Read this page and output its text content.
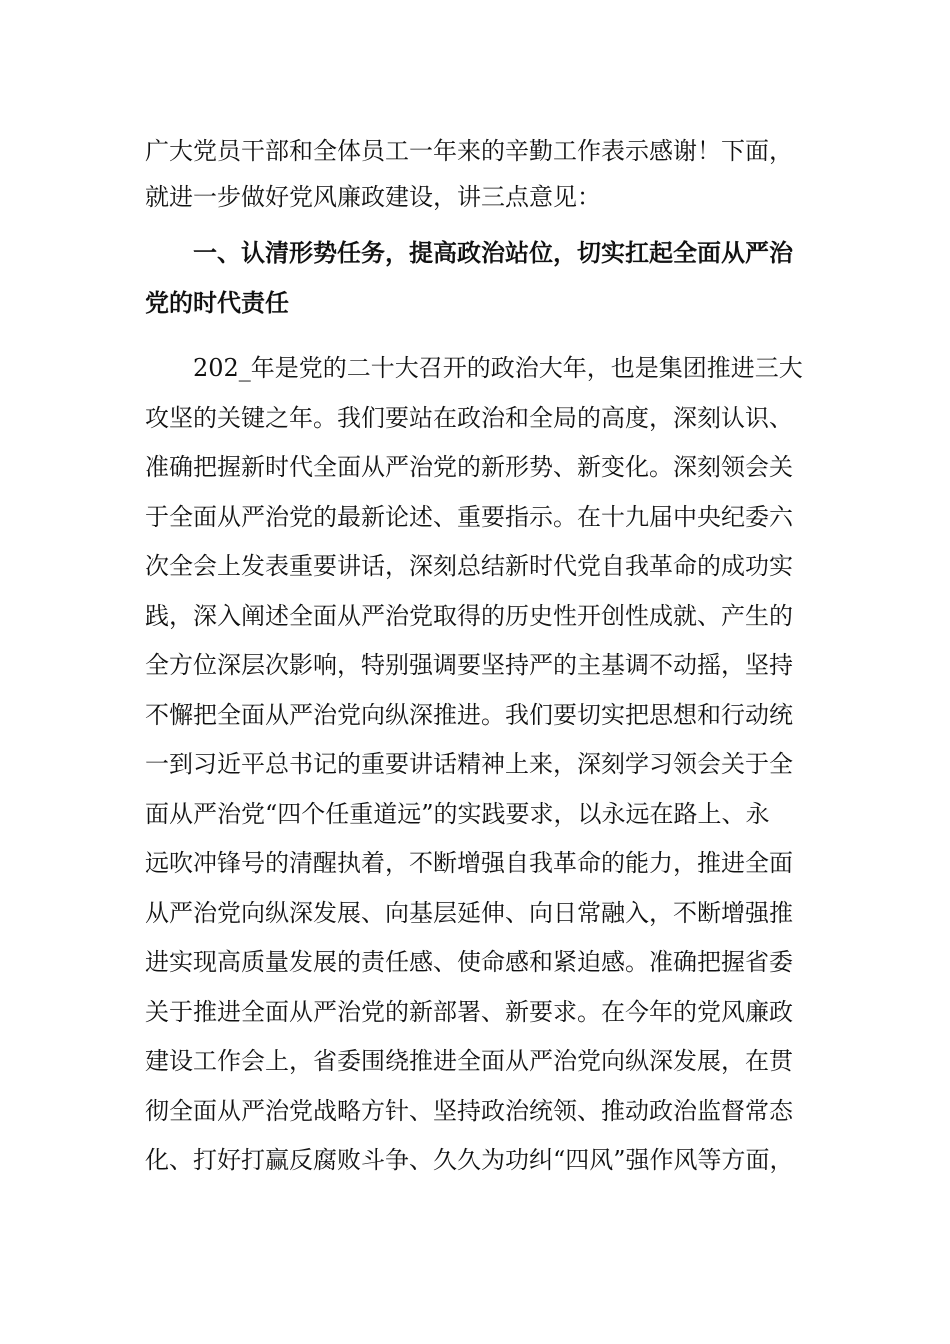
广大党员干部和全体员工一年来的辛勤工作表示感谢！下面，
就进一步做好党风廉政建设，讲三点意见：
一、认清形势任务，提高政治站位，切实扛起全面从严治
党的时代责任
202_年是党的二十大召开的政治大年，也是集团推进三大
攻坚的关键之年。我们要站在政治和全局的高度，深刻认识、
准确把握新时代全面从严治党的新形势、新变化。深刻领会关
于全面从严治党的最新论述、重要指示。在十九届中央纪委六
次全会上发表重要讲话，深刻总结新时代党自我革命的成功实
践，深入阐述全面从严治党取得的历史性开创性成就、产生的
全方位深层次影响，特别强调要坚持严的主基调不动摇，坚持
不懈把全面从严治党向纵深推进。我们要切实把思想和行动统
一到习近平总书记的重要讲话精神上来，深刻学习领会关于全
面从严治党“四个任重道远”的实践要求，以永远在路上、永
远吹冲锋号的清醒执着，不断增强自我革命的能力，推进全面
从严治党向纵深发展、向基层延伸、向日常融入，不断增强推
进实现高质量发展的责任感、使命感和紧迫感。准确把握省委
关于推进全面从严治党的新部署、新要求。在今年的党风廉政
建设工作会上，省委围绕推进全面从严治党向纵深发展，在贯
彻全面从严治党战略方针、坚持政治统领、推动政治监督常态
化、打好打赢反腐败斗争、久久为功纠“四风”强作风等方面，
